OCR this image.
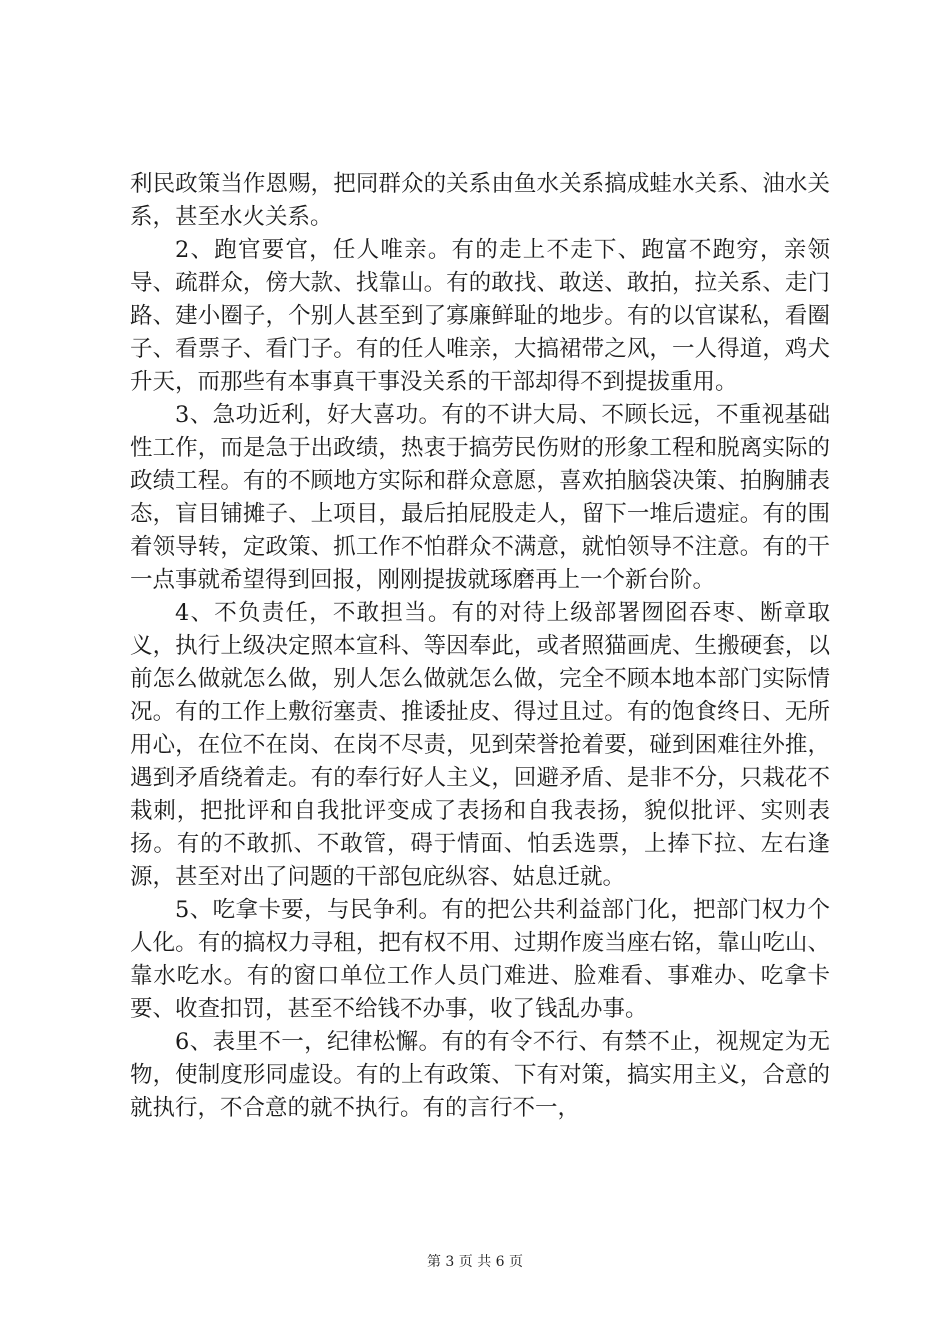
利民政策当作恩赐，把同群众的关系由鱼水关系搞成蛙水关系、油水关系，甚至水火关系。

2、跑官要官，任人唯亲。有的走上不走下、跑富不跑穷，亲领导、疏群众，傍大款、找靠山。有的敢找、敢送、敢拍，拉关系、走门路、建小圈子，个别人甚至到了寡廉鲜耻的地步。有的以官谋私，看圈子、看票子、看门子。有的任人唯亲，大搞裙带之风，一人得道，鸡犬升天，而那些有本事真干事没关系的干部却得不到提拔重用。

3、急功近利，好大喜功。有的不讲大局、不顾长远，不重视基础性工作，而是急于出政绩，热衷于搞劳民伤财的形象工程和脱离实际的政绩工程。有的不顾地方实际和群众意愿，喜欢拍脑袋决策、拍胸脯表态，盲目铺摊子、上项目，最后拍屁股走人，留下一堆后遗症。有的围着领导转，定政策、抓工作不怕群众不满意，就怕领导不注意。有的干一点事就希望得到回报，刚刚提拔就琢磨再上一个新台阶。

4、不负责任，不敢担当。有的对待上级部署囫囵吞枣、断章取义，执行上级决定照本宣科、等因奉此，或者照猫画虎、生搬硬套，以前怎么做就怎么做，别人怎么做就怎么做，完全不顾本地本部门实际情况。有的工作上敷衍塞责、推诿扯皮、得过且过。有的饱食终日、无所用心，在位不在岗、在岗不尽责，见到荣誉抢着要，碰到困难往外推，遇到矛盾绕着走。有的奉行好人主义，回避矛盾、是非不分，只栽花不栽刺，把批评和自我批评变成了表扬和自我表扬，貌似批评、实则表扬。有的不敢抓、不敢管，碍于情面、怕丢选票，上捧下拉、左右逢源，甚至对出了问题的干部包庇纵容、姑息迁就。

5、吃拿卡要，与民争利。有的把公共利益部门化，把部门权力个人化。有的搞权力寻租，把有权不用、过期作废当座右铭，靠山吃山、靠水吃水。有的窗口单位工作人员门难进、脸难看、事难办、吃拿卡要、收查扣罚，甚至不给钱不办事，收了钱乱办事。

6、表里不一，纪律松懈。有的有令不行、有禁不止，视规定为无物，使制度形同虚设。有的上有政策、下有对策，搞实用主义，合意的就执行，不合意的就不执行。有的言行不一，

第 3 页 共 6 页
